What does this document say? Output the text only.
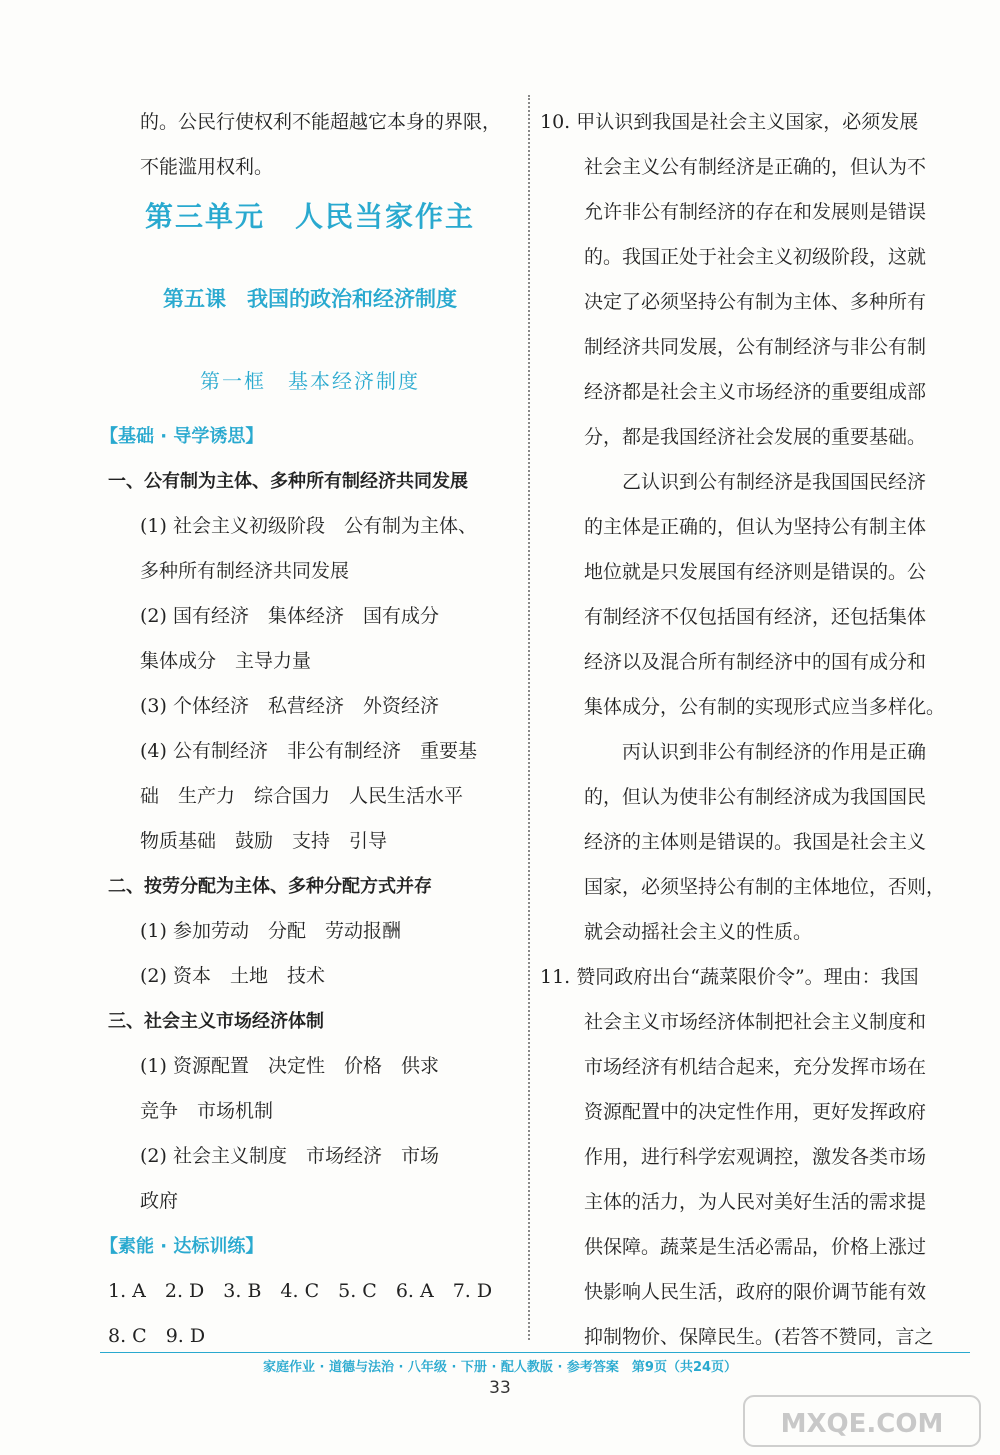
的。公民行使权利不能超越它本身的界限，
不能滥用权利。
第三单元　人民当家作主
第五课　我国的政治和经济制度
第一框　基本经济制度
【基础 · 导学诱思】
一、公有制为主体、多种所有制经济共同发展
(1) 社会主义初级阶段　公有制为主体、
多种所有制经济共同发展
(2) 国有经济　集体经济　国有成分
集体成分　主导力量
(3) 个体经济　私营经济　外资经济
(4) 公有制经济　非公有制经济　重要基
础　生产力　综合国力　人民生活水平
物质基础　鼓励　支持　引导
二、按劳分配为主体、多种分配方式并存
(1) 参加劳动　分配　劳动报酬
(2) 资本　土地　技术
三、社会主义市场经济体制
(1) 资源配置　决定性　价格　供求
竞争　市场机制
(2) 社会主义制度　市场经济　市场
政府
【素能 · 达标训练】
1. A　2. D　3. B　4. C　5. C　6. A　7. D
8. C　9. D
10. 甲认识到我国是社会主义国家，必须发展
社会主义公有制经济是正确的，但认为不
允许非公有制经济的存在和发展则是错误
的。我国正处于社会主义初级阶段，这就
决定了必须坚持公有制为主体、多种所有
制经济共同发展，公有制经济与非公有制
经济都是社会主义市场经济的重要组成部
分，都是我国经济社会发展的重要基础。
　　乙认识到公有制经济是我国国民经济
的主体是正确的，但认为坚持公有制主体
地位就是只发展国有经济则是错误的。公
有制经济不仅包括国有经济，还包括集体
经济以及混合所有制经济中的国有成分和
集体成分，公有制的实现形式应当多样化。
　　丙认识到非公有制经济的作用是正确
的，但认为使非公有制经济成为我国国民
经济的主体则是错误的。我国是社会主义
国家，必须坚持公有制的主体地位，否则，
就会动摇社会主义的性质。
11. 赞同政府出台“蔬菜限价令”。理由：我国
社会主义市场经济体制把社会主义制度和
市场经济有机结合起来，充分发挥市场在
资源配置中的决定性作用，更好发挥政府
作用，进行科学宏观调控，激发各类市场
主体的活力，为人民对美好生活的需求提
供保障。蔬菜是生活必需品，价格上涨过
快影响人民生活，政府的限价调节能有效
抑制物价、保障民生。(若答不赞同，言之
家庭作业 · 道德与法治 · 八年级 · 下册 · 配人教版 · 参考答案　第9页（共24页）
33
MXQE.COM
